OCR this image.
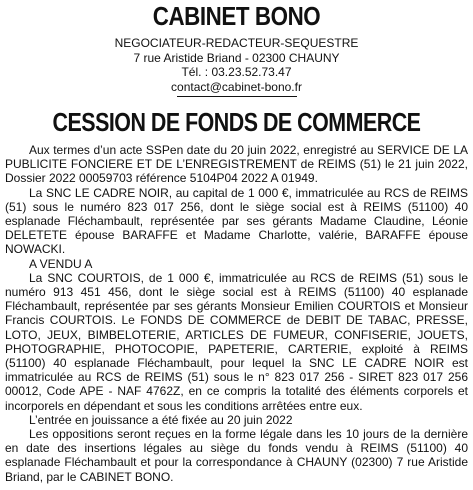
CABINET BONO

NEGOCIATEUR-REDACTEUR-SEQUESTRE

7 rue Aristide Briand - 02300 CHAUNY

Tél. : 03.23.52.73.47

contact@cabinet-bono.fr

CESSION DE FONDS DE COMMERCE

Aux termes d’un acte SSPen date du 20 juin 2022, enregistré au SERVICE DE LA PUBLICITE FONCIERE ET DE L’ENREGISTREMENT de REIMS (51) le 21 juin 2022, Dossier 2022 00059703 référence 5104P04 2022 A 01949.

La SNC LE CADRE NOIR, au capital de 1 000 €, immatriculée au RCS de REIMS (51) sous le numéro 823 017 256, dont le siège social est à REIMS (51100) 40 esplanade Fléchambault, représentée par ses gérants Madame Claudine, Léonie DELETETE épouse BARAFFE et Madame Charlotte, valérie, BARAFFE épouse NOWACKI.

A VENDU A

La SNC COURTOIS, de 1 000 €, immatriculée au RCS de REIMS (51) sous le numéro 913 451 456, dont le siège social est à REIMS (51100) 40 esplanade Fléchambault, représentée par ses gérants Monsieur Emilien COURTOIS et Monsieur Francis COURTOIS. Le FONDS DE COMMERCE de DEBIT DE TABAC, PRESSE, LOTO, JEUX, BIMBELOTERIE, ARTICLES DE FUMEUR, CONFISERIE, JOUETS, PHOTOGRAPHIE, PHOTOCOPIE, PAPETERIE, CARTERIE, exploité à REIMS (51100) 40 esplanade Fléchambault, pour lequel la SNC LE CADRE NOIR est immatriculée au RCS de REIMS (51) sous le n° 823 017 256 - SIRET 823 017 256 00012, Code APE - NAF 4762Z, en ce compris la totalité des éléments corporels et incorporels en dépendant et sous les conditions arrêtées entre eux.

L’entrée en jouissance a été fixée au 20 juin 2022

Les oppositions seront reçues en la forme légale dans les 10 jours de la dernière en date des insertions légales au siège du fonds vendu à REIMS (51100) 40 esplanade Fléchambault et pour la correspondance à CHAUNY (02300) 7 rue Aristide Briand, par le CABINET BONO.
